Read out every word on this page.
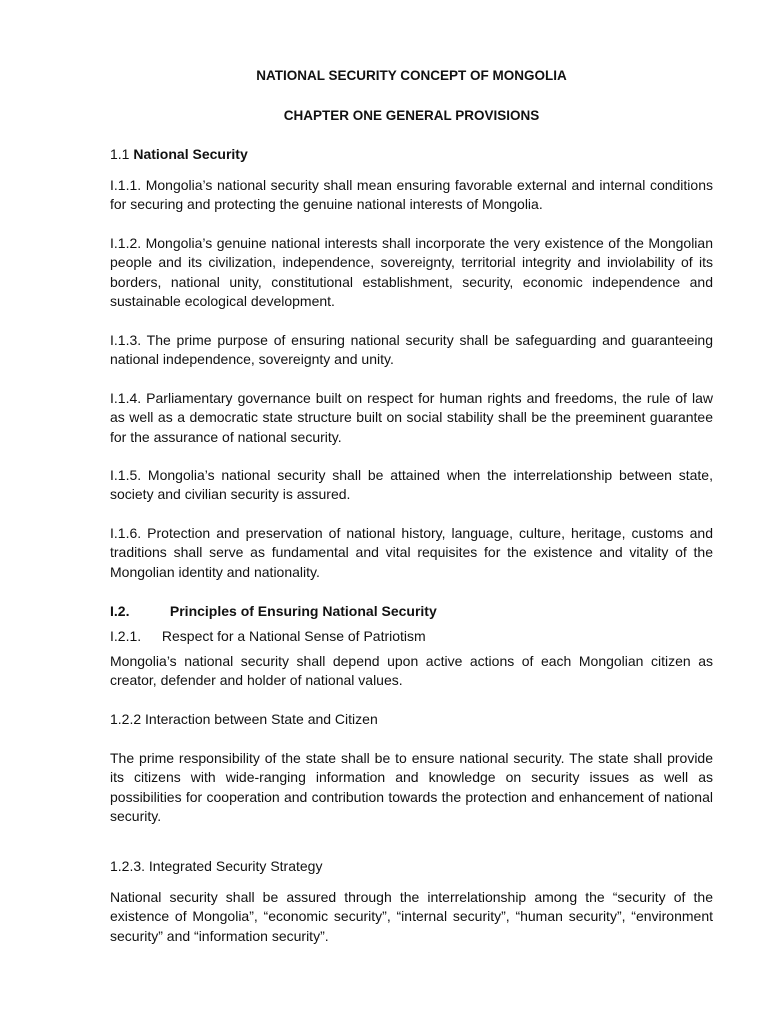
NATIONAL SECURITY CONCEPT OF MONGOLIA
CHAPTER ONE GENERAL PROVISIONS
1.1 National Security
I.1.1. Mongolia’s national security shall mean ensuring favorable external and internal conditions for securing and protecting the genuine national interests of Mongolia.
I.1.2. Mongolia’s genuine national interests shall incorporate the very existence of the Mongolian people and its civilization, independence, sovereignty, territorial integrity and inviolability of its borders, national unity, constitutional establishment, security, economic independence and sustainable ecological development.
I.1.3. The prime purpose of ensuring national security shall be safeguarding and guaranteeing national independence, sovereignty and unity.
I.1.4. Parliamentary governance built on respect for human rights and freedoms, the rule of law as well as a democratic state structure built on social stability shall be the preeminent guarantee for the assurance of national security.
I.1.5. Mongolia’s national security shall be attained when the interrelationship between state, society and civilian security is assured.
I.1.6. Protection and preservation of national history, language, culture, heritage, customs and traditions shall serve as fundamental and vital requisites for the existence and vitality of the Mongolian identity and nationality.
I.2.	Principles of Ensuring National Security
I.2.1. Respect for a National Sense of Patriotism
Mongolia’s national security shall depend upon active actions of each Mongolian citizen as creator, defender and holder of national values.
1.2.2 Interaction between State and Citizen
The prime responsibility of the state shall be to ensure national security. The state shall provide its citizens with wide-ranging information and knowledge on security issues as well as possibilities for cooperation and contribution towards the protection and enhancement of national security.
1.2.3. Integrated Security Strategy
National security shall be assured through the interrelationship among the “security of the existence of Mongolia”, “economic security”, “internal security”, “human security”, “environment security” and “information security”.
